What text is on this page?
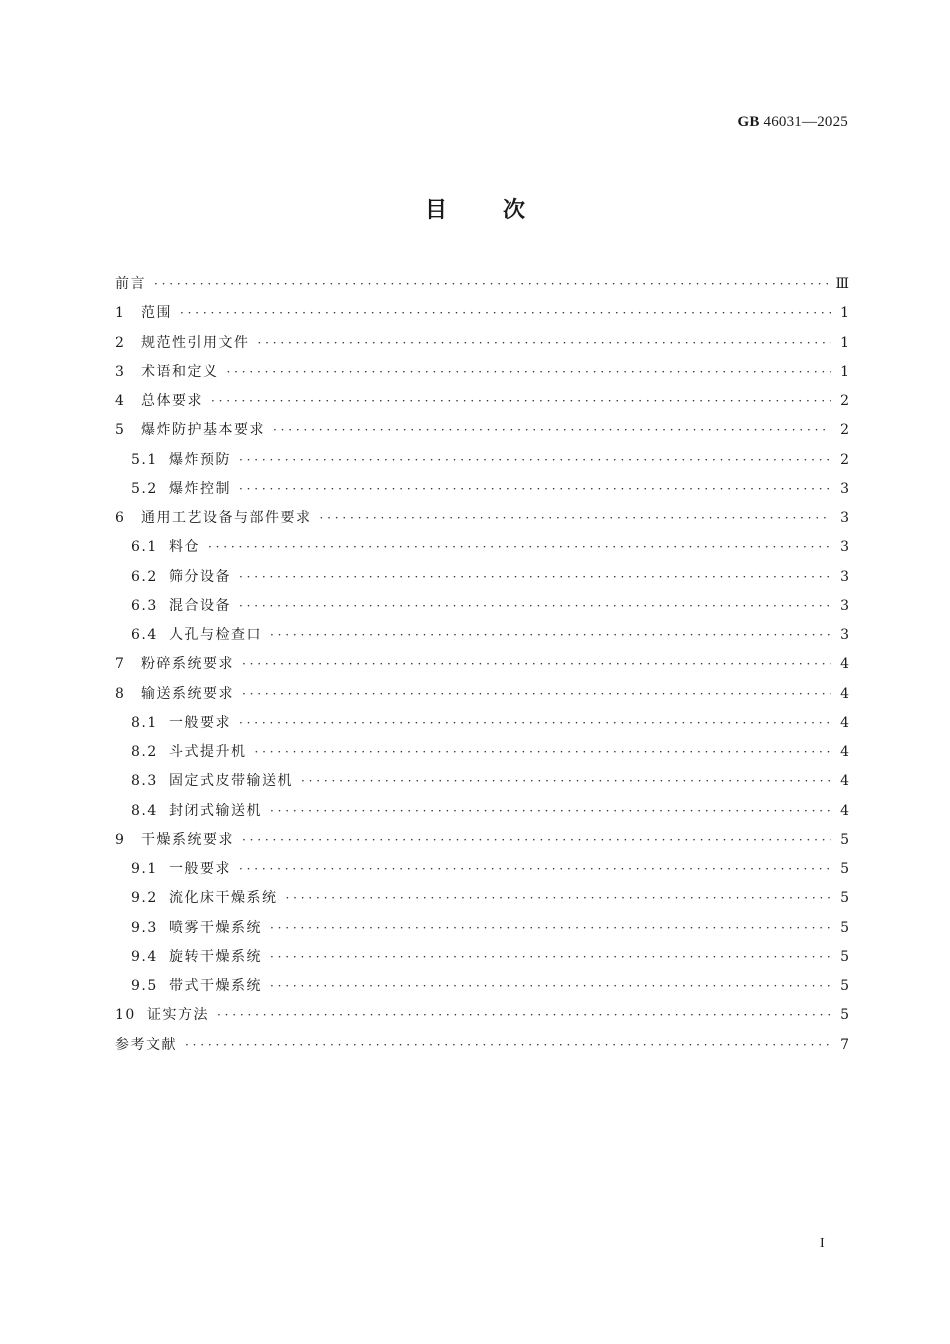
GB 46031—2025
目次
前言 · · ·	Ⅲ
1	范围 · · ·	1
2	规范性引用文件 · · ·	1
3	术语和定义 · · ·	1
4	总体要求 · · ·	2
5	爆炸防护基本要求 · · ·	2
5.1 爆炸预防 · · ·	2
5.2 爆炸控制 · · ·	3
6	通用工艺设备与部件要求 · · ·	3
6.1 料仓 · · ·	3
6.2 筛分设备 · · ·	3
6.3 混合设备 · · ·	3
6.4 人孔与检查口 · · ·	3
7	粉碎系统要求 · · ·	4
8	输送系统要求 · · ·	4
8.1 一般要求 · · ·	4
8.2 斗式提升机 · · ·	4
8.3 固定式皮带输送机 · · ·	4
8.4 封闭式输送机 · · ·	4
9	干燥系统要求 · · ·	5
9.1 一般要求 · · ·	5
9.2 流化床干燥系统 · · ·	5
9.3 喷雾干燥系统 · · ·	5
9.4 旋转干燥系统 · · ·	5
9.5 带式干燥系统 · · ·	5
10 证实方法 · · ·	5
参考文献 · · ·	7
I
